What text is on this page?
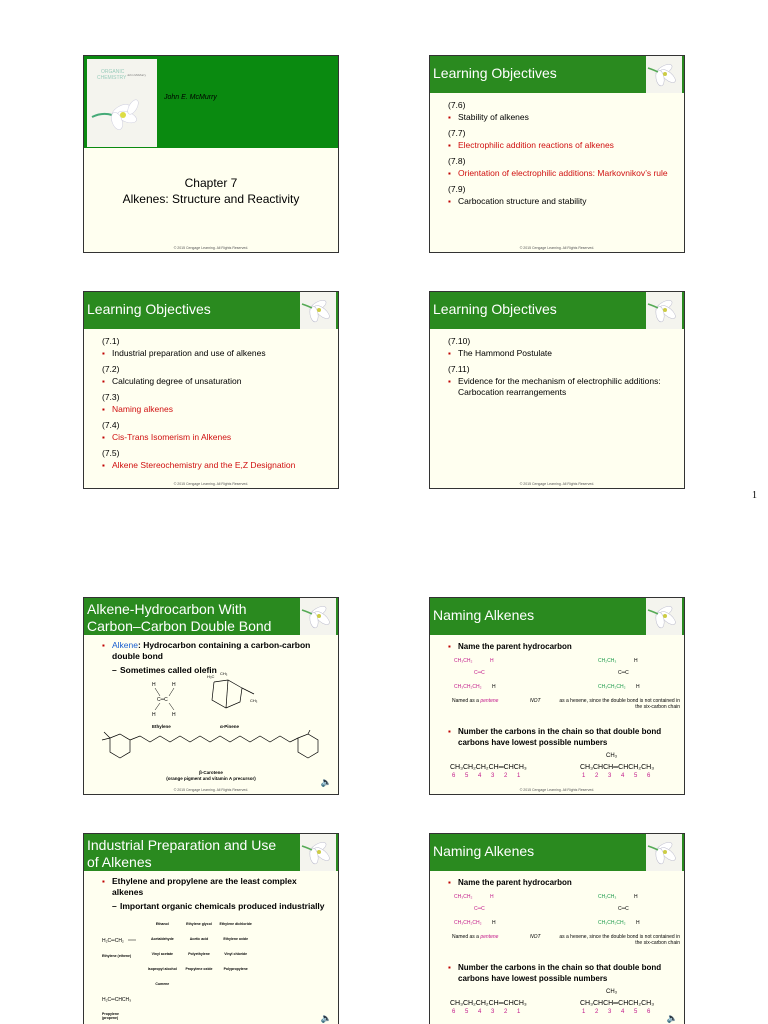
ORGANIC
CHEMISTRY John McMurry
John E. McMurry
Chapter 7
Alkenes: Structure and Reactivity
© 2015 Cengage Learning. All Rights Reserved.
Learning Objectives
(7.6)
▪ Stability of alkenes
(7.7)
▪ Electrophilic addition reactions of alkenes
(7.8)
▪ Orientation of electrophilic additions: Markovnikov’s rule
(7.9)
▪ Carbocation structure and stability
© 2015 Cengage Learning. All Rights Reserved.
Learning Objectives
(7.1)
▪ Industrial preparation and use of alkenes
(7.2)
▪ Calculating degree of unsaturation
(7.3)
▪ Naming alkenes
(7.4)
▪ Cis-Trans Isomerism in Alkenes
(7.5)
▪ Alkene Stereochemistry and the E,Z Designation
© 2015 Cengage Learning. All Rights Reserved.
Learning Objectives
(7.10)
▪ The Hammond Postulate
(7.11)
▪ Evidence for the mechanism of electrophilic additions: Carbocation rearrangements
© 2015 Cengage Learning. All Rights Reserved.
1
Alkene-Hydrocarbon With Carbon–Carbon Double Bond
▪ Alkene: Hydrocarbon containing a carbon-carbon double bond
– Sometimes called olefin
H	H
C═C
H	H
Ethylene
H₃C
CH₃
CH₃
α-Pinene
β-Carotene
(orange pigment and vitamin A precursor)	🔈
© 2015 Cengage Learning. All Rights Reserved.
Naming Alkenes
▪ Name the parent hydrocarbon
CH₃CH₂	H
C═C
CH₃CH₂CH₂ H
CH₂CH₃	H
C═C
CH₃CH₂CH₂ H
Named as a pentene	NOT	as a hexene, since the double bond is not contained in the six-carbon chain
▪ Number the carbons in the chain so that double bond carbons have lowest possible numbers
CH₃CH₂CH₂CH═CHCH₃
6 5 4 3 2 1
CH₃
CH₃CHCH═CHCH₂CH₃
1 2 3 4 5 6
© 2015 Cengage Learning. All Rights Reserved.
Industrial Preparation and Use of Alkenes
▪ Ethylene and propylene are the least complex alkenes
– Important organic chemicals produced industrially
Ethanol	Ethylene glycol	Ethylene dichloride
Acetaldehyde	Acetic acid	Ethylene oxide
Vinyl acetate	Polyethylene	Vinyl chloride
Isopropyl alcohol	Propylene oxide	Polypropylene
Cumene
H₂C═CH₂
Ethylene (ethene)
H₂C═CHCH₃
Propylene (propene)	🔈
Naming Alkenes
▪ Name the parent hydrocarbon
CH₃CH₂	H
C═C
CH₃CH₂CH₂ H
CH₂CH₃	H
C═C
CH₃CH₂CH₂ H
Named as a pentene	NOT	as a hexene, since the double bond is not contained in the six-carbon chain
▪ Number the carbons in the chain so that double bond carbons have lowest possible numbers
CH₃CH₂CH₂CH═CHCH₃
6 5 4 3 2 1
CH₃
CH₃CHCH═CHCH₂CH₃
1 2 3 4 5 6
🔈
